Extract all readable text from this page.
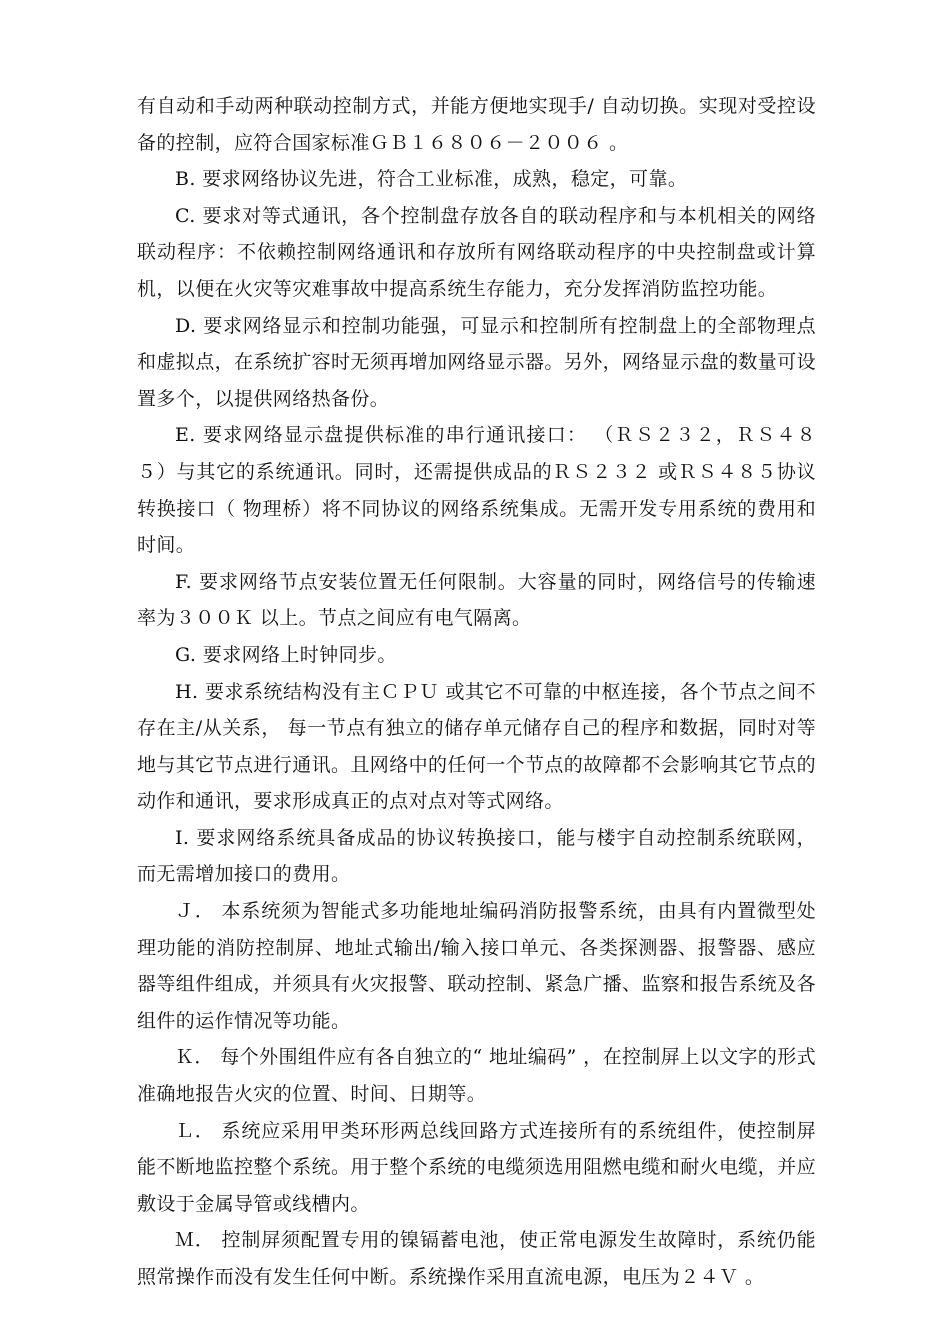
有自动和手动两种联动控制方式，并能方便地实现手/ 自动切换。实现对受控设备的控制，应符合国家标准ＧＢ１６８０６－２００６ 。

B. 要求网络协议先进，符合工业标准，成熟，稳定，可靠。

C. 要求对等式通讯，各个控制盘存放各自的联动程序和与本机相关的网络联动程序：不依赖控制网络通讯和存放所有网络联动程序的中央控制盘或计算机，以便在火灾等灾难事故中提高系统生存能力，充分发挥消防监控功能。

D. 要求网络显示和控制功能强，可显示和控制所有控制盘上的全部物理点和虚拟点，在系统扩容时无须再增加网络显示器。另外，网络显示盘的数量可设置多个，以提供网络热备份。

E. 要求网络显示盘提供标准的串行通讯接口： （ＲＳ２３２，ＲＳ４８５）与其它的系统通讯。同时，还需提供成品的ＲＳ２３２ 或ＲＳ４８５协议转换接口（ 物理桥）将不同协议的网络系统集成。无需开发专用系统的费用和时间。

F. 要求网络节点安装位置无任何限制。大容量的同时，网络信号的传输速率为３００Ｋ 以上。节点之间应有电气隔离。

G. 要求网络上时钟同步。

H. 要求系统结构没有主ＣＰＵ 或其它不可靠的中枢连接，各个节点之间不存在主/从关系， 每一节点有独立的储存单元储存自己的程序和数据，同时对等地与其它节点进行通讯。且网络中的任何一个节点的故障都不会影响其它节点的动作和通讯，要求形成真正的点对点对等式网络。

I. 要求网络系统具备成品的协议转换接口，能与楼宇自动控制系统联网，而无需增加接口的费用。

Ｊ． 本系统须为智能式多功能地址编码消防报警系统，由具有内置微型处理功能的消防控制屏、地址式输出/输入接口单元、各类探测器、报警器、感应器等组件组成，并须具有火灾报警、联动控制、紧急广播、监察和报告系统及各组件的运作情况等功能。

Ｋ． 每个外围组件应有各自独立的“ 地址编码” ，在控制屏上以文字的形式准确地报告火灾的位置、时间、日期等。

Ｌ． 系统应采用甲类环形两总线回路方式连接所有的系统组件，使控制屏能不断地监控整个系统。用于整个系统的电缆须选用阻燃电缆和耐火电缆，并应敷设于金属导管或线槽内。

Ｍ． 控制屏须配置专用的镍镉蓄电池，使正常电源发生故障时，系统仍能照常操作而没有发生任何中断。系统操作采用直流电源，电压为２４Ｖ 。
